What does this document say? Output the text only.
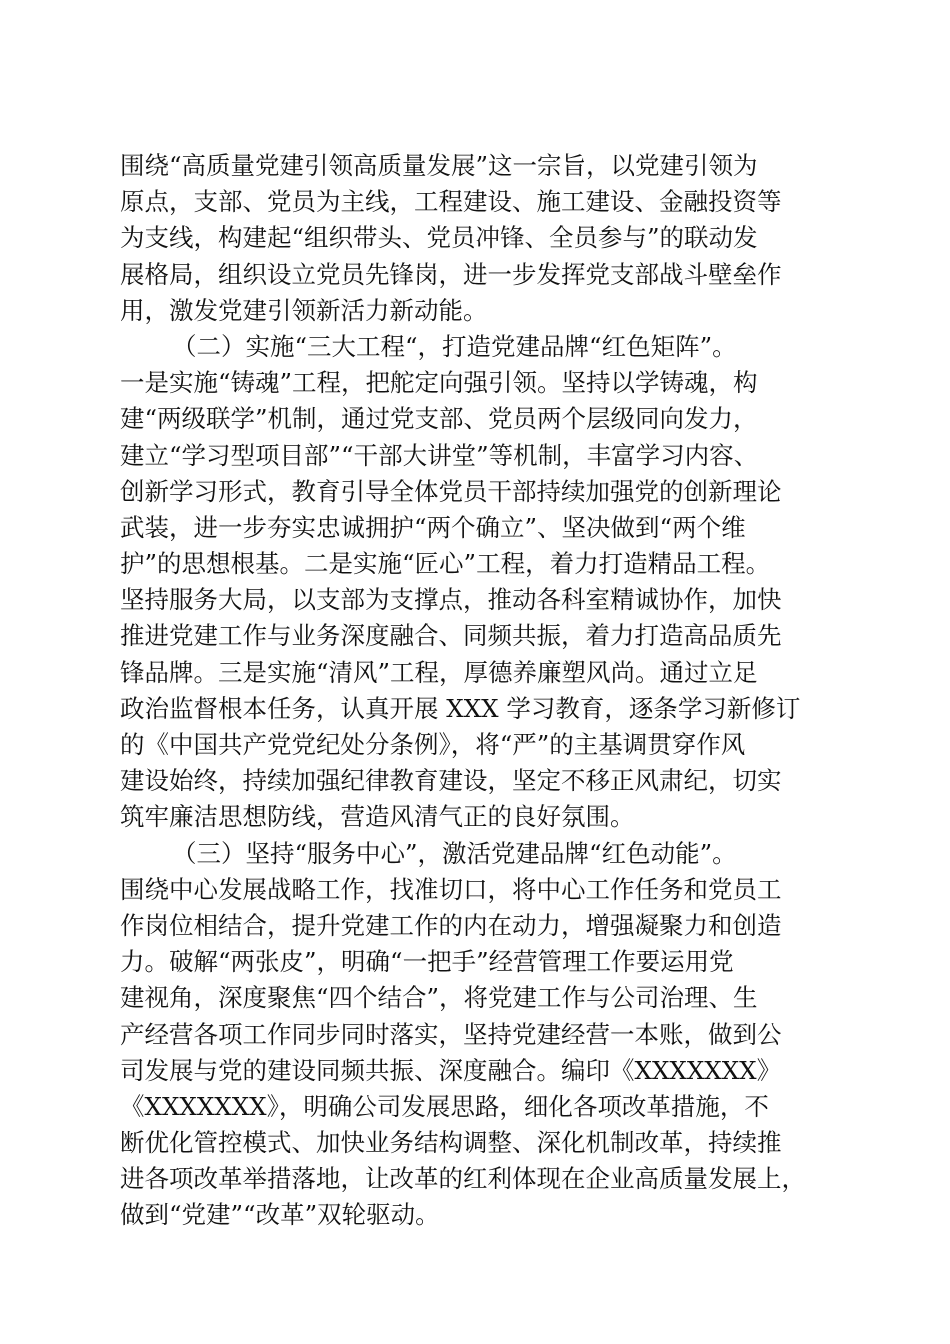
围绕“高质量党建引领高质量发展”这一宗旨，以党建引领为
原点，支部、党员为主线，工程建设、施工建设、金融投资等
为支线，构建起“组织带头、党员冲锋、全员参与”的联动发
展格局，组织设立党员先锋岗，进一步发挥党支部战斗壁垒作
用，激发党建引领新活力新动能。
（二）实施“三大工程“，打造党建品牌“红色矩阵”。
一是实施“铸魂”工程，把舵定向强引领。坚持以学铸魂，构
建“两级联学”机制，通过党支部、党员两个层级同向发力，
建立“学习型项目部”“干部大讲堂”等机制，丰富学习内容、
创新学习形式，教育引导全体党员干部持续加强党的创新理论
武装，进一步夯实忠诚拥护“两个确立”、坚决做到“两个维
护”的思想根基。二是实施“匠心”工程，着力打造精品工程。
坚持服务大局，以支部为支撑点，推动各科室精诚协作，加快
推进党建工作与业务深度融合、同频共振，着力打造高品质先
锋品牌。三是实施“清风”工程，厚德养廉塑风尚。通过立足
政治监督根本任务，认真开展 XXX 学习教育，逐条学习新修订
的《中国共产党党纪处分条例》，将“严”的主基调贯穿作风
建设始终，持续加强纪律教育建设，坚定不移正风肃纪，切实
筑牢廉洁思想防线，营造风清气正的良好氛围。
（三）坚持“服务中心”，激活党建品牌“红色动能”。
围绕中心发展战略工作，找准切口，将中心工作任务和党员工
作岗位相结合，提升党建工作的内在动力，增强凝聚力和创造
力。破解“两张皮”，明确“一把手”经营管理工作要运用党
建视角，深度聚焦“四个结合”，将党建工作与公司治理、生
产经营各项工作同步同时落实，坚持党建经营一本账，做到公
司发展与党的建设同频共振、深度融合。编印《XXXXXXX》
《XXXXXXX》，明确公司发展思路，细化各项改革措施，不
断优化管控模式、加快业务结构调整、深化机制改革，持续推
进各项改革举措落地，让改革的红利体现在企业高质量发展上，
做到“党建”“改革”双轮驱动。
